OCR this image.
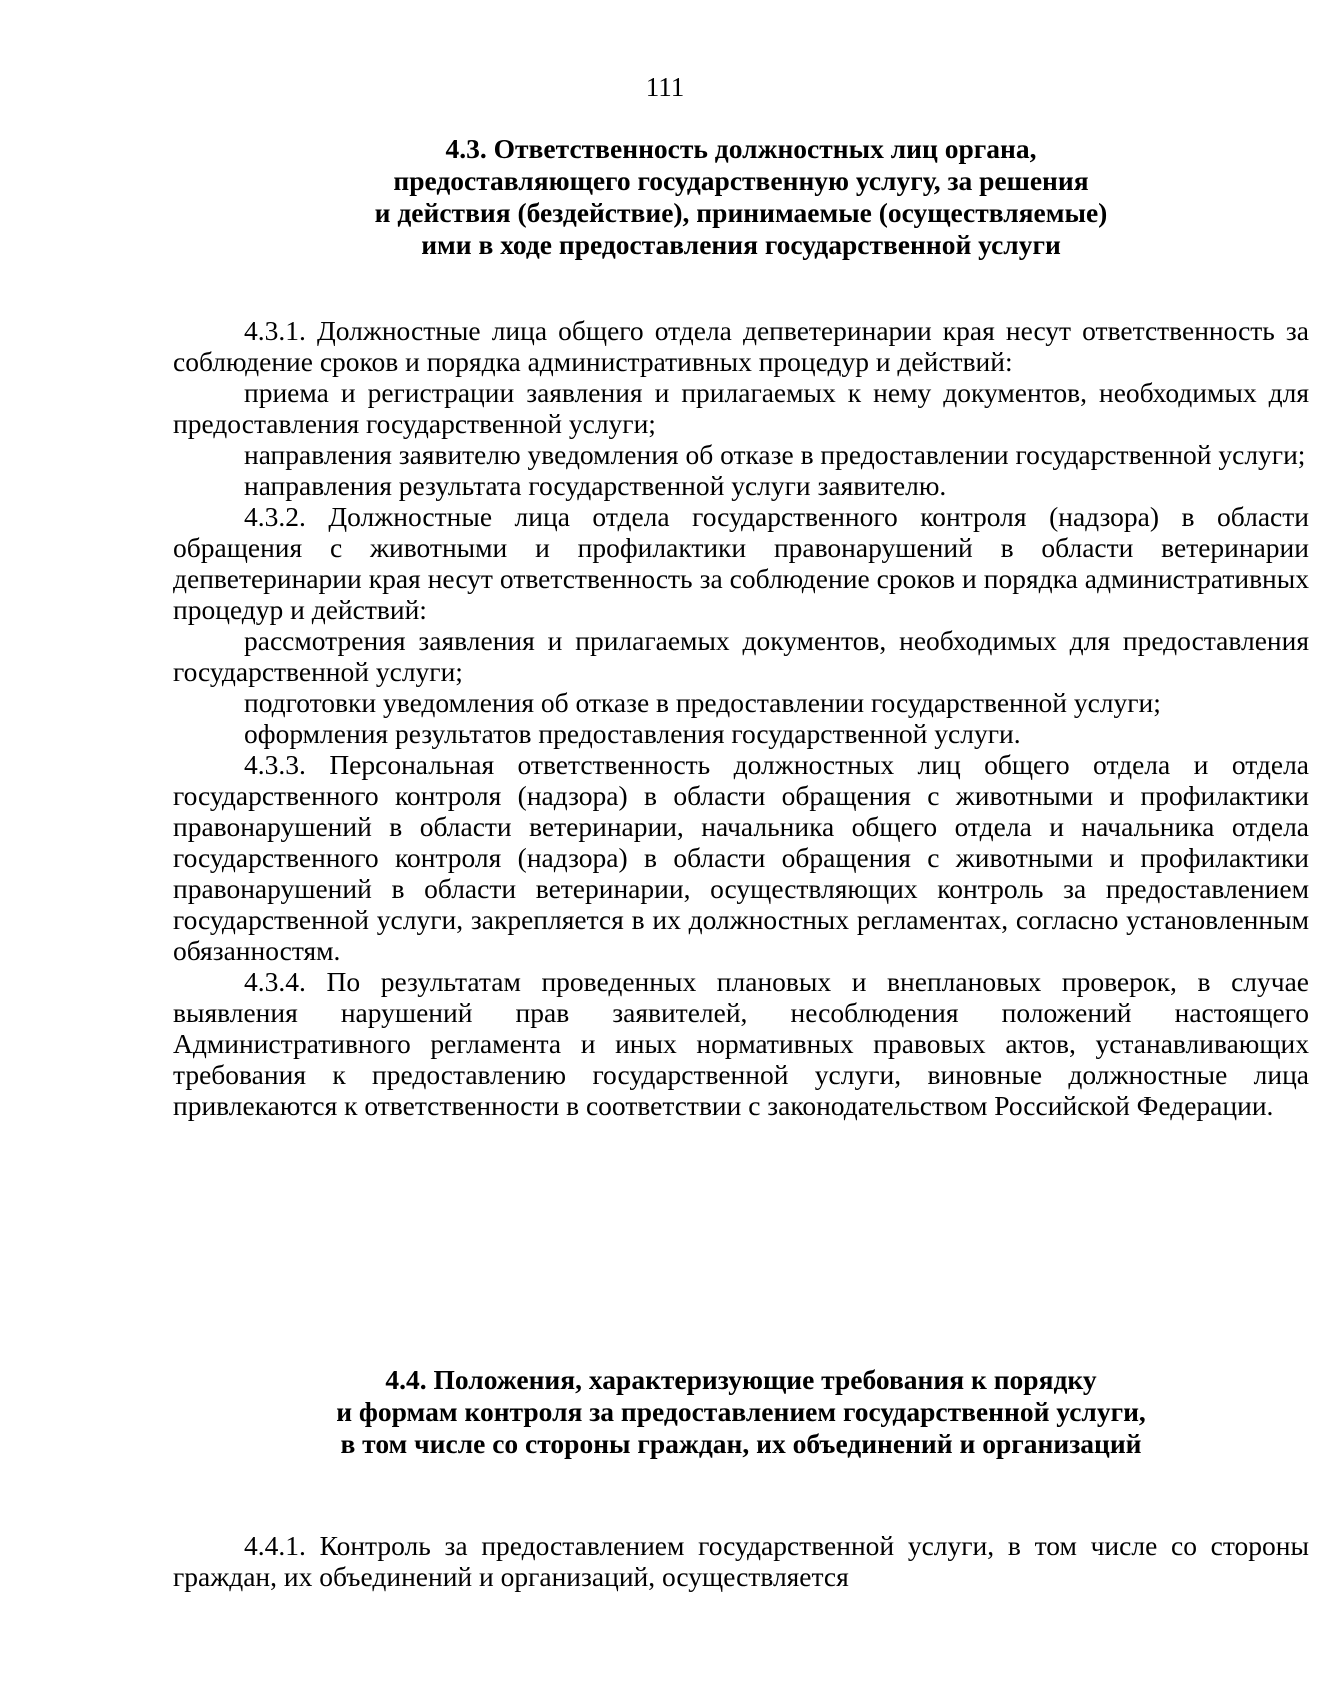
111
4.3. Ответственность должностных лиц органа,
предоставляющего государственную услугу, за решения
и действия (бездействие), принимаемые (осуществляемые)
ими в ходе предоставления государственной услуги

4.3.1. Должностные лица общего отдела депветеринарии края несут ответственность за соблюдение сроков и порядка административных процедур и действий:

приема и регистрации заявления и прилагаемых к нему документов, необходимых для предоставления государственной услуги;

направления заявителю уведомления об отказе в предоставлении государственной услуги;

направления результата государственной услуги заявителю.

4.3.2. Должностные лица отдела государственного контроля (надзора) в области обращения с животными и профилактики правонарушений в области ветеринарии депветеринарии края несут ответственность за соблюдение сроков и порядка административных процедур и действий:

рассмотрения заявления и прилагаемых документов, необходимых для предоставления государственной услуги;

подготовки уведомления об отказе в предоставлении государственной услуги;

оформления результатов предоставления государственной услуги.

4.3.3. Персональная ответственность должностных лиц общего отдела и отдела государственного контроля (надзора) в области обращения с животными и профилактики правонарушений в области ветеринарии, начальника общего отдела и начальника отдела государственного контроля (надзора) в области обращения с животными и профилактики правонарушений в области ветеринарии, осуществляющих контроль за предоставлением государственной услуги, закрепляется в их должностных регламентах, согласно установленным обязанностям.

4.3.4. По результатам проведенных плановых и внеплановых проверок, в случае выявления нарушений прав заявителей, несоблюдения положений настоящего Административного регламента и иных нормативных правовых актов, устанавливающих требования к предоставлению государственной услуги, виновные должностные лица привлекаются к ответственности в соответствии с законодательством Российской Федерации.

4.4. Положения, характеризующие требования к порядку
и формам контроля за предоставлением государственной услуги,
в том числе со стороны граждан, их объединений и организаций

4.4.1. Контроль за предоставлением государственной услуги, в том числе со стороны граждан, их объединений и организаций, осуществляется
